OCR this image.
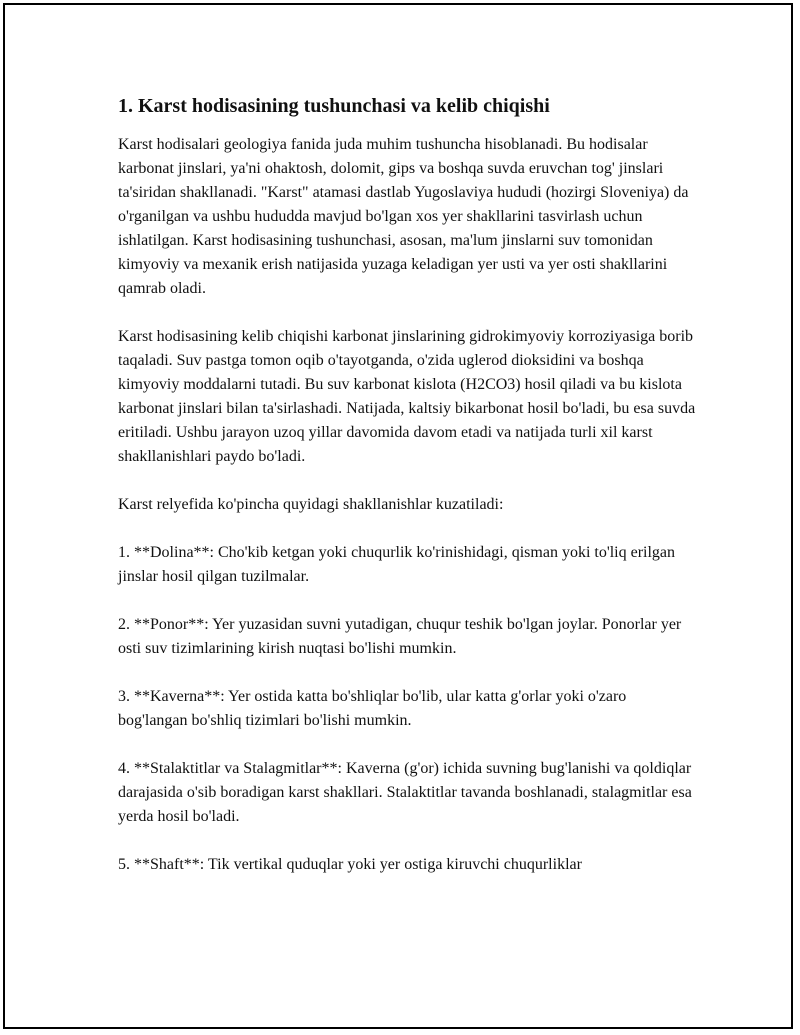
1. Karst hodisasining tushunchasi va kelib chiqishi

Karst hodisalari geologiya fanida juda muhim tushuncha hisoblanadi. Bu hodisalar karbonat jinslari, ya'ni ohaktosh, dolomit, gips va boshqa suvda eruvchan tog' jinslari ta'siridan shakllanadi. "Karst" atamasi dastlab Yugoslaviya hududi (hozirgi Sloveniya) da o'rganilgan va ushbu hududda mavjud bo'lgan xos yer shakllarini tasvirlash uchun ishlatilgan. Karst hodisasining tushunchasi, asosan, ma'lum jinslarni suv tomonidan kimyoviy va mexanik erish natijasida yuzaga keladigan yer usti va yer osti shakllarini qamrab oladi.

Karst hodisasining kelib chiqishi karbonat jinslarining gidrokimyoviy korroziyasiga borib taqaladi. Suv pastga tomon oqib o'tayotganda, o'zida uglerod dioksidini va boshqa kimyoviy moddalarni tutadi. Bu suv karbonat kislota (H2CO3) hosil qiladi va bu kislota karbonat jinslari bilan ta'sirlashadi. Natijada, kaltsiy bikarbonat hosil bo'ladi, bu esa suvda eritiladi. Ushbu jarayon uzoq yillar davomida davom etadi va natijada turli xil karst shakllanishlari paydo bo'ladi.

Karst relyefida ko'pincha quyidagi shakllanishlar kuzatiladi:

1. **Dolina**: Cho'kib ketgan yoki chuqurlik ko'rinishidagi, qisman yoki to'liq erilgan jinslar hosil qilgan tuzilmalar.

2. **Ponor**: Yer yuzasidan suvni yutadigan, chuqur teshik bo'lgan joylar. Ponorlar yer osti suv tizimlarining kirish nuqtasi bo'lishi mumkin.

3. **Kaverna**: Yer ostida katta bo'shliqlar bo'lib, ular katta g'orlar yoki o'zaro bog'langan bo'shliq tizimlari bo'lishi mumkin.

4. **Stalaktitlar va Stalagmitlar**: Kaverna (g'or) ichida suvning bug'lanishi va qoldiqlar darajasida o'sib boradigan karst shakllari. Stalaktitlar tavanda boshlanadi, stalagmitlar esa yerda hosil bo'ladi.

5. **Shaft**: Tik vertikal quduqlar yoki yer ostiga kiruvchi chuqurliklar
